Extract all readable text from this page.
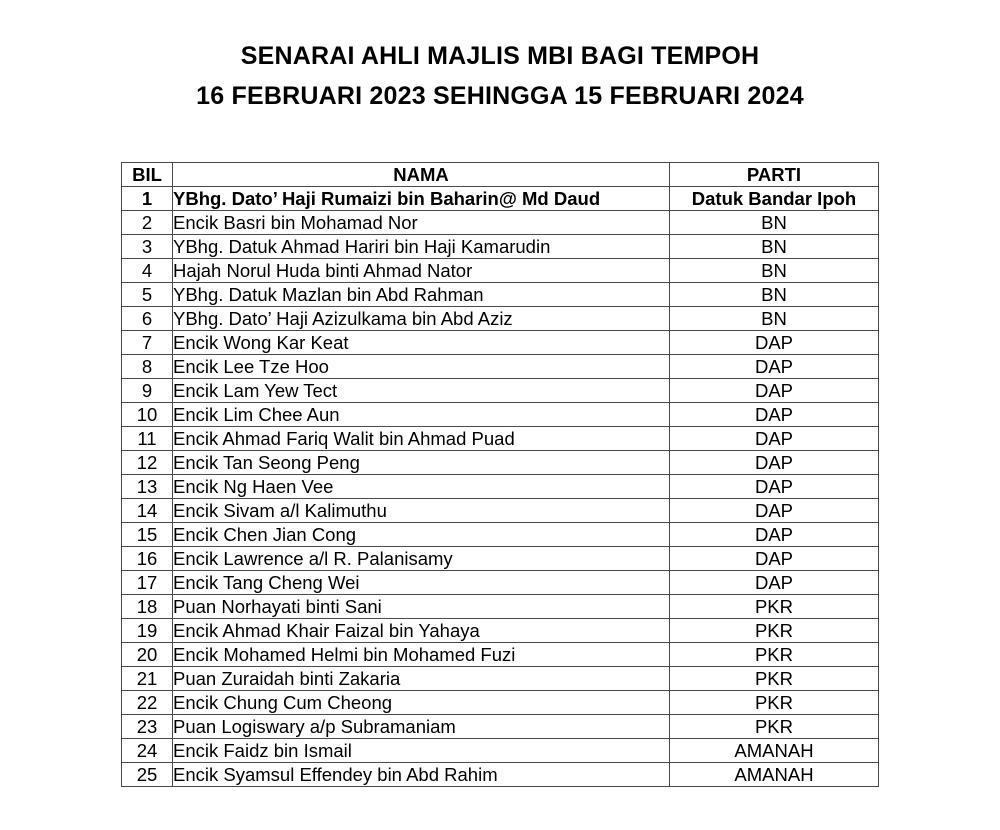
SENARAI AHLI MAJLIS MBI BAGI TEMPOH
16 FEBRUARI 2023 SEHINGGA 15 FEBRUARI 2024
BIL	NAMA	PARTI
1	YBhg. Dato’ Haji Rumaizi bin Baharin@ Md Daud	Datuk Bandar Ipoh
2	Encik Basri bin Mohamad Nor	BN
3	YBhg. Datuk Ahmad Hariri bin Haji Kamarudin	BN
4	Hajah Norul Huda binti Ahmad Nator	BN
5	YBhg. Datuk Mazlan bin Abd Rahman	BN
6	YBhg. Dato’ Haji Azizulkama bin Abd Aziz	BN
7	Encik Wong Kar Keat	DAP
8	Encik Lee Tze Hoo	DAP
9	Encik Lam Yew Tect	DAP
10	Encik Lim Chee Aun	DAP
11	Encik Ahmad Fariq Walit bin Ahmad Puad	DAP
12	Encik Tan Seong Peng	DAP
13	Encik Ng Haen Vee	DAP
14	Encik Sivam a/l Kalimuthu	DAP
15	Encik Chen Jian Cong	DAP
16	Encik Lawrence a/l R. Palanisamy	DAP
17	Encik Tang Cheng Wei	DAP
18	Puan Norhayati binti Sani	PKR
19	Encik Ahmad Khair Faizal bin Yahaya	PKR
20	Encik Mohamed Helmi bin Mohamed Fuzi	PKR
21	Puan Zuraidah binti Zakaria	PKR
22	Encik Chung Cum Cheong	PKR
23	Puan Logiswary a/p Subramaniam	PKR
24	Encik Faidz bin Ismail	AMANAH
25	Encik Syamsul Effendey bin Abd Rahim	AMANAH
